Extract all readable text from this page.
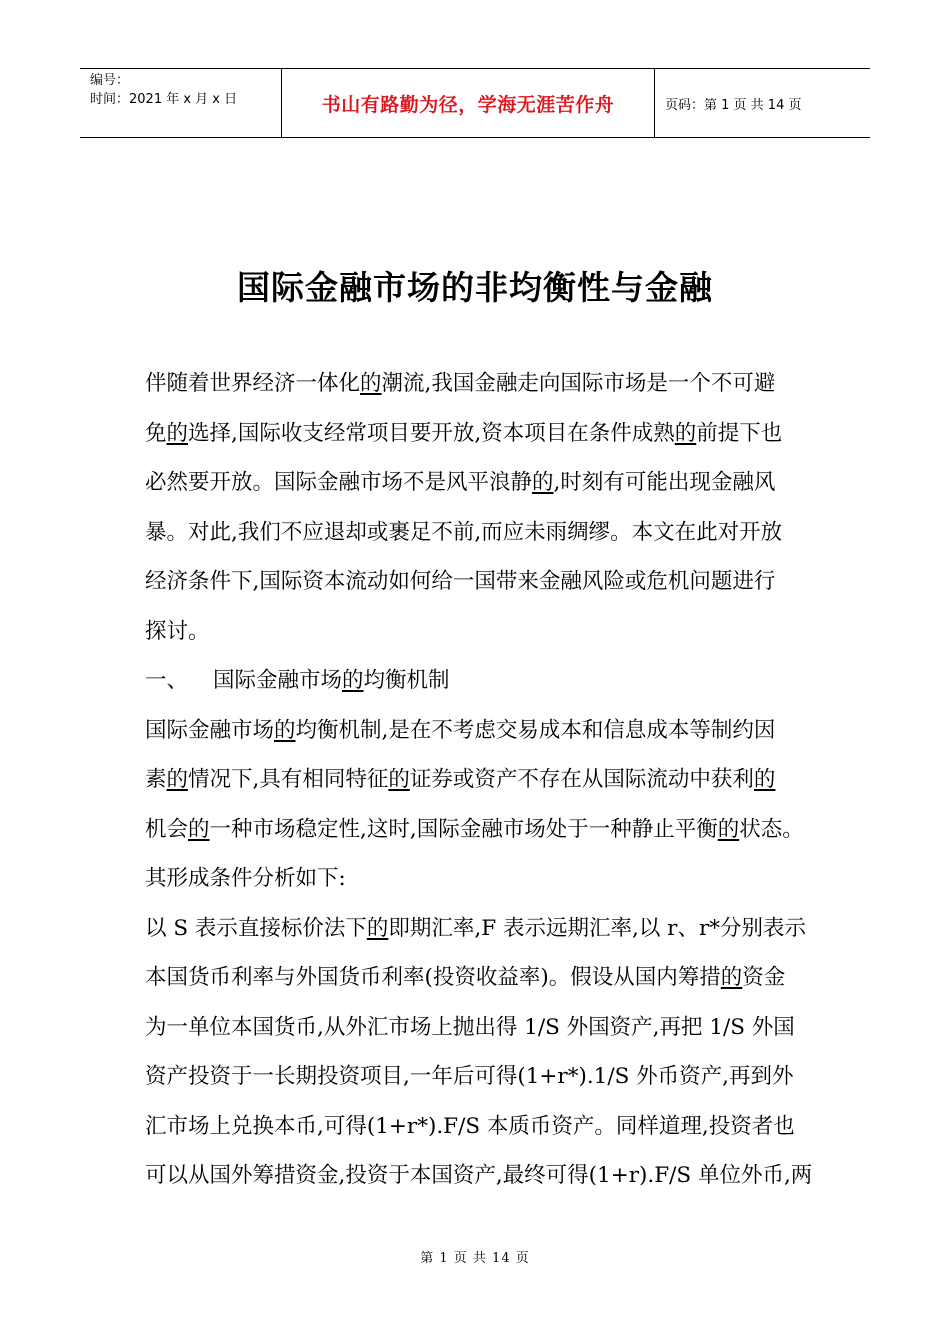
编号：
时间：2021 年 x 月 x 日	书山有路勤为径，学海无涯苦作舟	页码：第 1 页 共 14 页
国际金融市场的非均衡性与金融
伴随着世界经济一体化的潮流,我国金融走向国际市场是一个不可避
免的选择,国际收支经常项目要开放,资本项目在条件成熟的前提下也
必然要开放。国际金融市场不是风平浪静的,时刻有可能出现金融风
暴。对此,我们不应退却或裹足不前,而应未雨绸缪。本文在此对开放
经济条件下,国际资本流动如何给一国带来金融风险或危机问题进行
探讨。
一、 国际金融市场的均衡机制
国际金融市场的均衡机制,是在不考虑交易成本和信息成本等制约因
素的情况下,具有相同特征的证券或资产不存在从国际流动中获利的
机会的一种市场稳定性,这时,国际金融市场处于一种静止平衡的状态。
其形成条件分析如下:
以 S 表示直接标价法下的即期汇率,F 表示远期汇率,以 r、r*分别表示
本国货币利率与外国货币利率(投资收益率)。假设从国内筹措的资金
为一单位本国货币,从外汇市场上抛出得 1/S 外国资产,再把 1/S 外国
资产投资于一长期投资项目,一年后可得(1+r*).1/S 外币资产,再到外
汇市场上兑换本币,可得(1+r*).F/S 本质币资产。同样道理,投资者也
可以从国外筹措资金,投资于本国资产,最终可得(1+r).F/S 单位外币,两
第 1 页 共 14 页
